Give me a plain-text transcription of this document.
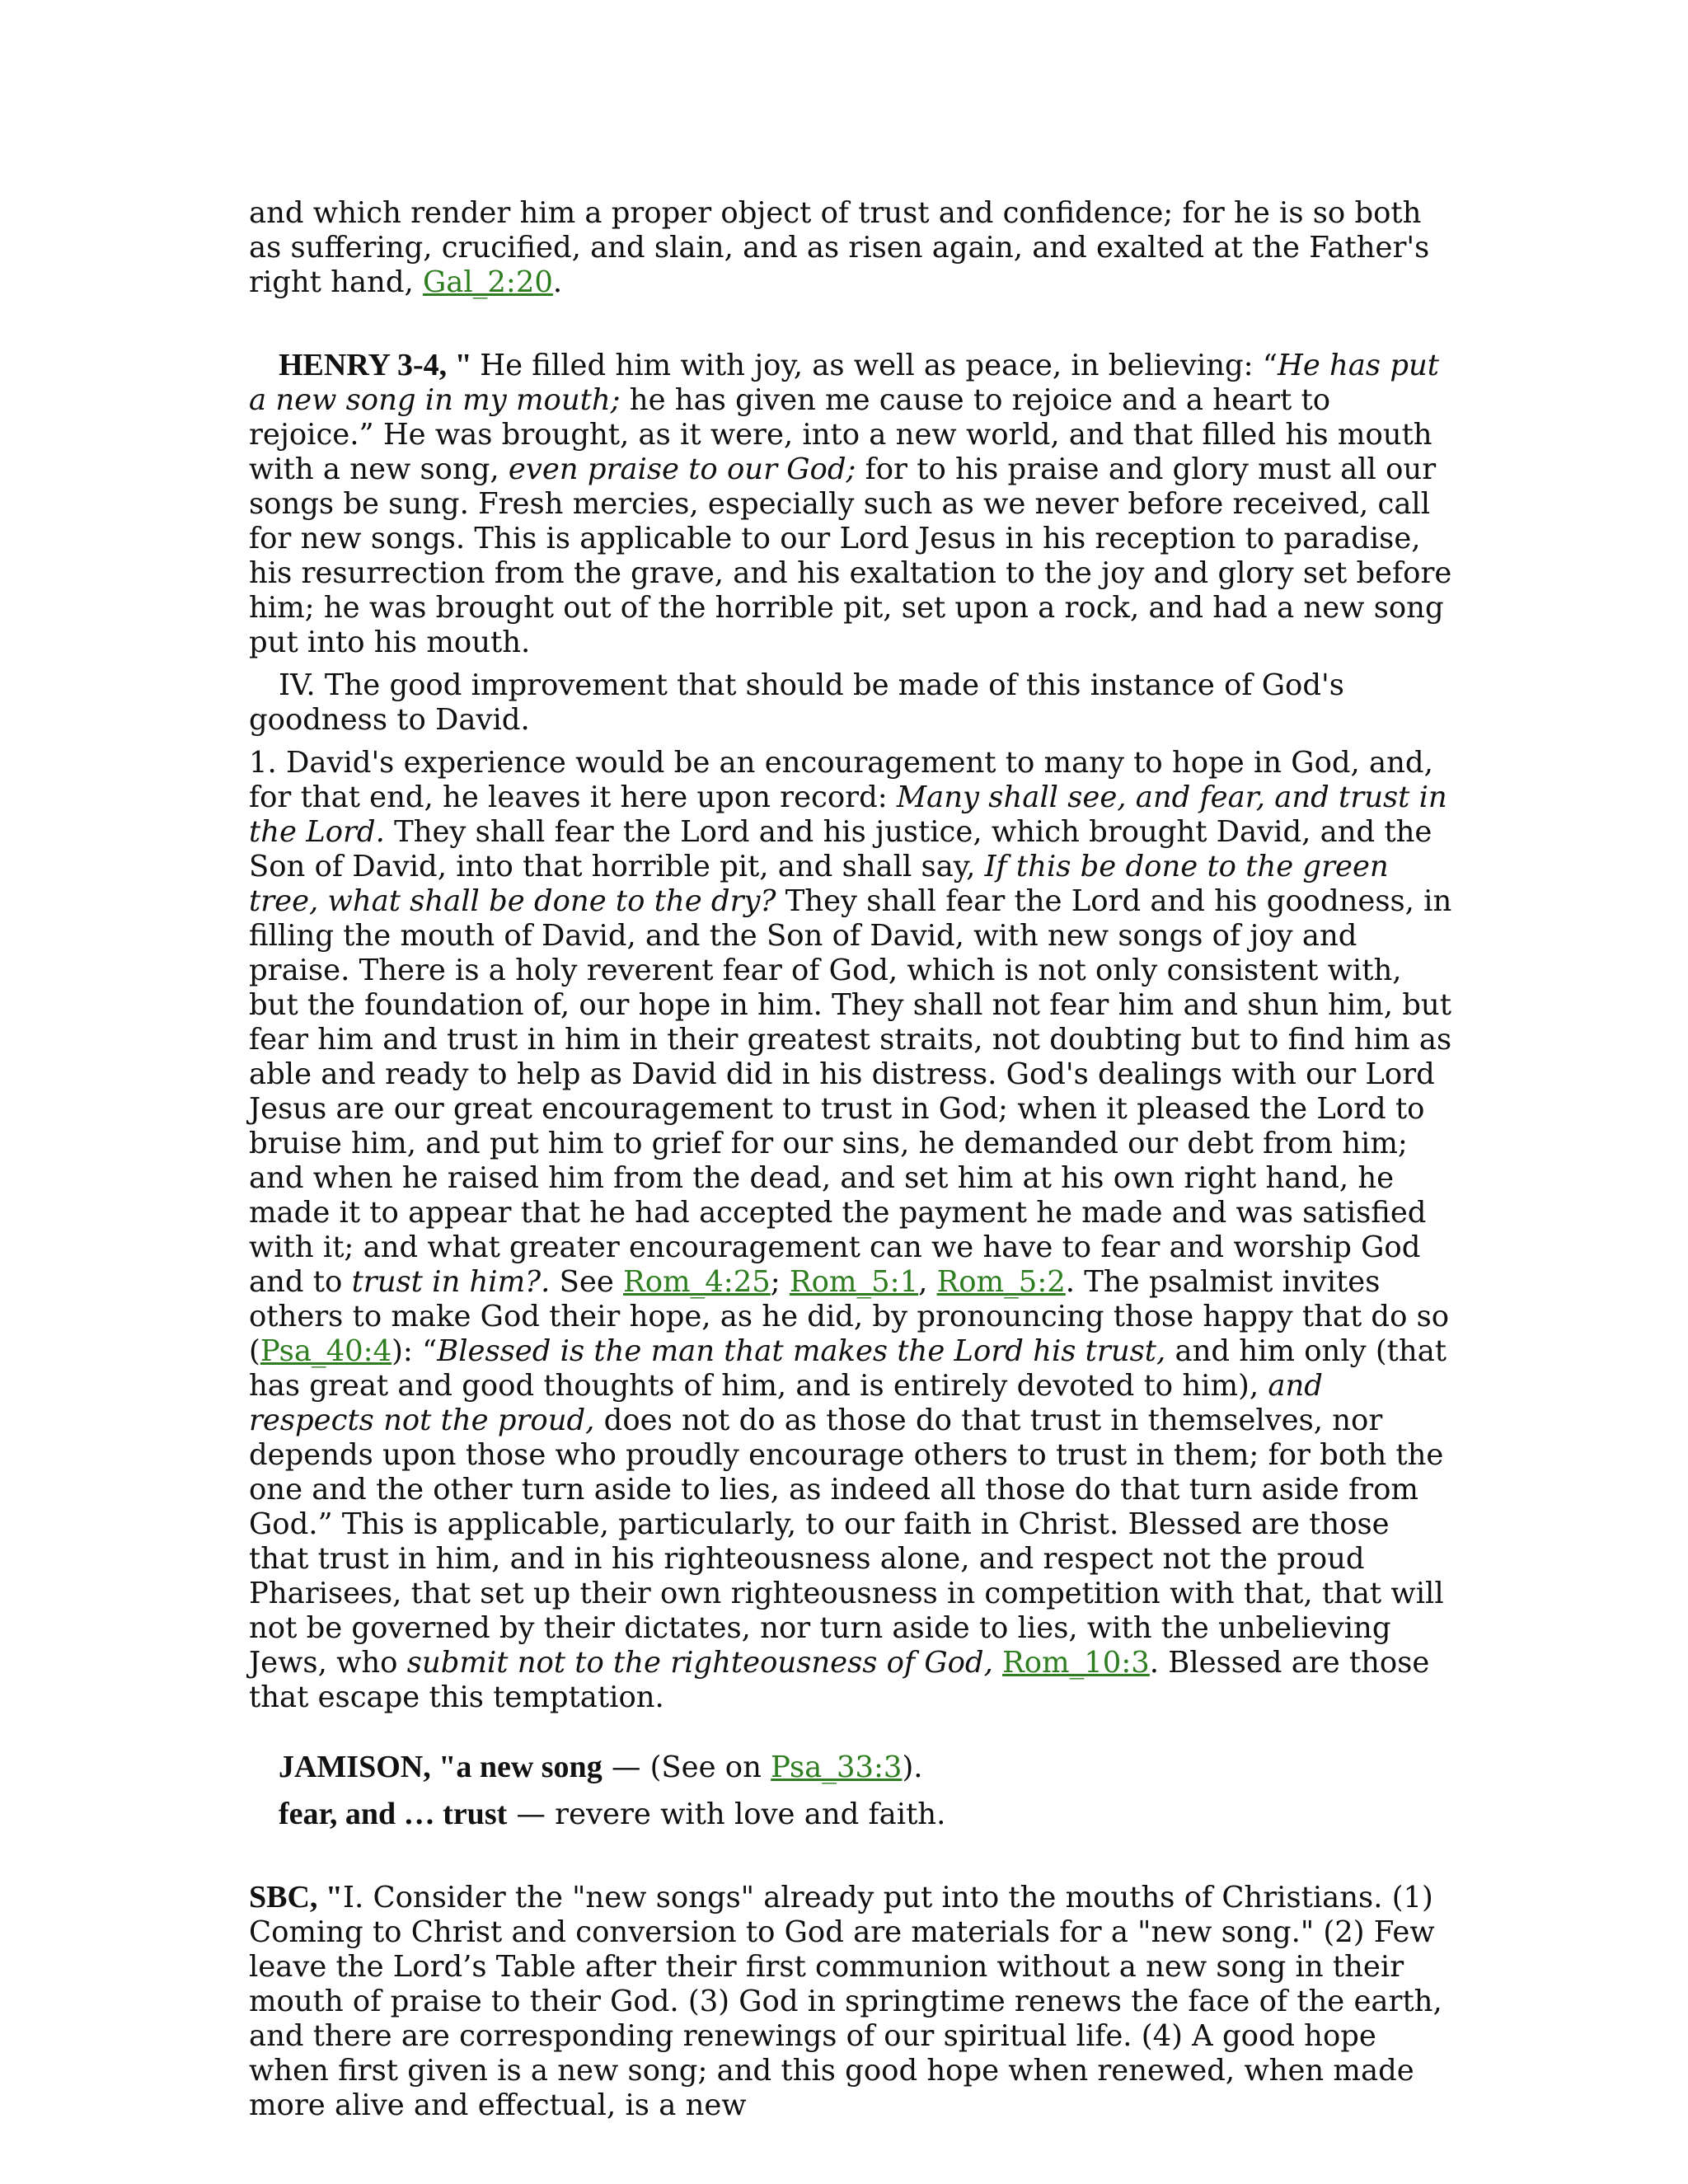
and which render him a proper object of trust and confidence; for he is so both as suffering, crucified, and slain, and as risen again, and exalted at the Father's right hand, Gal_2:20.

HENRY 3-4, " He filled him with joy, as well as peace, in believing: “He has put a new song in my mouth; he has given me cause to rejoice and a heart to rejoice.” He was brought, as it were, into a new world, and that filled his mouth with a new song, even praise to our God; for to his praise and glory must all our songs be sung. Fresh mercies, especially such as we never before received, call for new songs. This is applicable to our Lord Jesus in his reception to paradise, his resurrection from the grave, and his exaltation to the joy and glory set before him; he was brought out of the horrible pit, set upon a rock, and had a new song put into his mouth.

IV. The good improvement that should be made of this instance of God's goodness to David.

1. David's experience would be an encouragement to many to hope in God, and, for that end, he leaves it here upon record: Many shall see, and fear, and trust in the Lord. They shall fear the Lord and his justice, which brought David, and the Son of David, into that horrible pit, and shall say, If this be done to the green tree, what shall be done to the dry? They shall fear the Lord and his goodness, in filling the mouth of David, and the Son of David, with new songs of joy and praise. There is a holy reverent fear of God, which is not only consistent with, but the foundation of, our hope in him. They shall not fear him and shun him, but fear him and trust in him in their greatest straits, not doubting but to find him as able and ready to help as David did in his distress. God's dealings with our Lord Jesus are our great encouragement to trust in God; when it pleased the Lord to bruise him, and put him to grief for our sins, he demanded our debt from him; and when he raised him from the dead, and set him at his own right hand, he made it to appear that he had accepted the payment he made and was satisfied with it; and what greater encouragement can we have to fear and worship God and to trust in him?. See Rom_4:25; Rom_5:1, Rom_5:2. The psalmist invites others to make God their hope, as he did, by pronouncing those happy that do so (Psa_40:4): “Blessed is the man that makes the Lord his trust, and him only (that has great and good thoughts of him, and is entirely devoted to him), and respects not the proud, does not do as those do that trust in themselves, nor depends upon those who proudly encourage others to trust in them; for both the one and the other turn aside to lies, as indeed all those do that turn aside from God.” This is applicable, particularly, to our faith in Christ. Blessed are those that trust in him, and in his righteousness alone, and respect not the proud Pharisees, that set up their own righteousness in competition with that, that will not be governed by their dictates, nor turn aside to lies, with the unbelieving Jews, who submit not to the righteousness of God, Rom_10:3. Blessed are those that escape this temptation.

JAMISON, "a new song — (See on Psa_33:3).

fear, and … trust — revere with love and faith.

SBC, "I. Consider the "new songs" already put into the mouths of Christians. (1) Coming to Christ and conversion to God are materials for a "new song." (2) Few leave the Lord’s Table after their first communion without a new song in their mouth of praise to their God. (3) God in springtime renews the face of the earth, and there are corresponding renewings of our spiritual life. (4) A good hope when first given is a new song; and this good hope when renewed, when made more alive and effectual, is a new
